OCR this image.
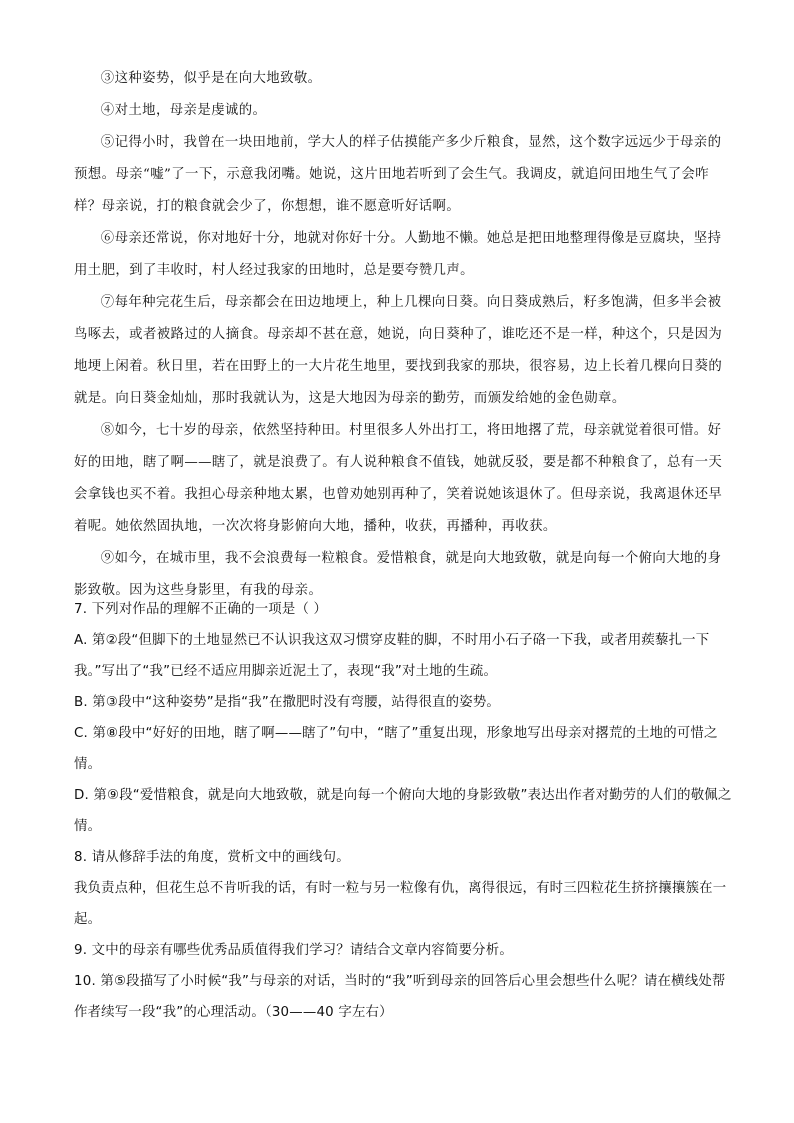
③这种姿势，似乎是在向大地致敬。

④对土地，母亲是虔诚的。

⑤记得小时，我曾在一块田地前，学大人的样子估摸能产多少斤粮食，显然，这个数字远远少于母亲的预想。母亲“嘘”了一下，示意我闭嘴。她说，这片田地若听到了会生气。我调皮，就追问田地生气了会咋样？母亲说，打的粮食就会少了，你想想，谁不愿意听好话啊。

⑥母亲还常说，你对地好十分，地就对你好十分。人勤地不懒。她总是把田地整理得像是豆腐块，坚持用土肥，到了丰收时，村人经过我家的田地时，总是要夸赞几声。

⑦每年种完花生后，母亲都会在田边地埂上，种上几棵向日葵。向日葵成熟后，籽多饱满，但多半会被鸟啄去，或者被路过的人摘食。母亲却不甚在意，她说，向日葵种了，谁吃还不是一样，种这个，只是因为地埂上闲着。秋日里，若在田野上的一大片花生地里，要找到我家的那块，很容易，边上长着几棵向日葵的就是。向日葵金灿灿，那时我就认为，这是大地因为母亲的勤劳，而颁发给她的金色勋章。

⑧如今，七十岁的母亲，依然坚持种田。村里很多人外出打工，将田地撂了荒，母亲就觉着很可惜。好好的田地，瞎了啊——瞎了，就是浪费了。有人说种粮食不值钱，她就反驳，要是都不种粮食了，总有一天会拿钱也买不着。我担心母亲种地太累，也曾劝她别再种了，笑着说她该退休了。但母亲说，我离退休还早着呢。她依然固执地，一次次将身影俯向大地，播种，收获，再播种，再收获。

⑨如今，在城市里，我不会浪费每一粒粮食。爱惜粮食，就是向大地致敬，就是向每一个俯向大地的身影致敬。因为这些身影里，有我的母亲。

7. 下列对作品的理解不正确的一项是（ ）

A. 第②段“但脚下的土地显然已不认识我这双习惯穿皮鞋的脚，不时用小石子硌一下我，或者用蒺藜扎一下我。”写出了“我”已经不适应用脚亲近泥土了，表现“我”对土地的生疏。

B. 第③段中“这种姿势”是指“我”在撒肥时没有弯腰，站得很直的姿势。

C. 第⑧段中“好好的田地，瞎了啊——瞎了”句中，“瞎了”重复出现，形象地写出母亲对撂荒的土地的可惜之情。

D. 第⑨段“爱惜粮食，就是向大地致敬，就是向每一个俯向大地的身影致敬”表达出作者对勤劳的人们的敬佩之情。

8. 请从修辞手法的角度，赏析文中的画线句。

我负责点种，但花生总不肯听我的话，有时一粒与另一粒像有仇，离得很远，有时三四粒花生挤挤攘攘簇在一起。

9. 文中的母亲有哪些优秀品质值得我们学习？请结合文章内容简要分析。

10. 第⑤段描写了小时候“我”与母亲的对话，当时的“我”听到母亲的回答后心里会想些什么呢？请在横线处帮作者续写一段“我”的心理活动。（30——40 字左右）
